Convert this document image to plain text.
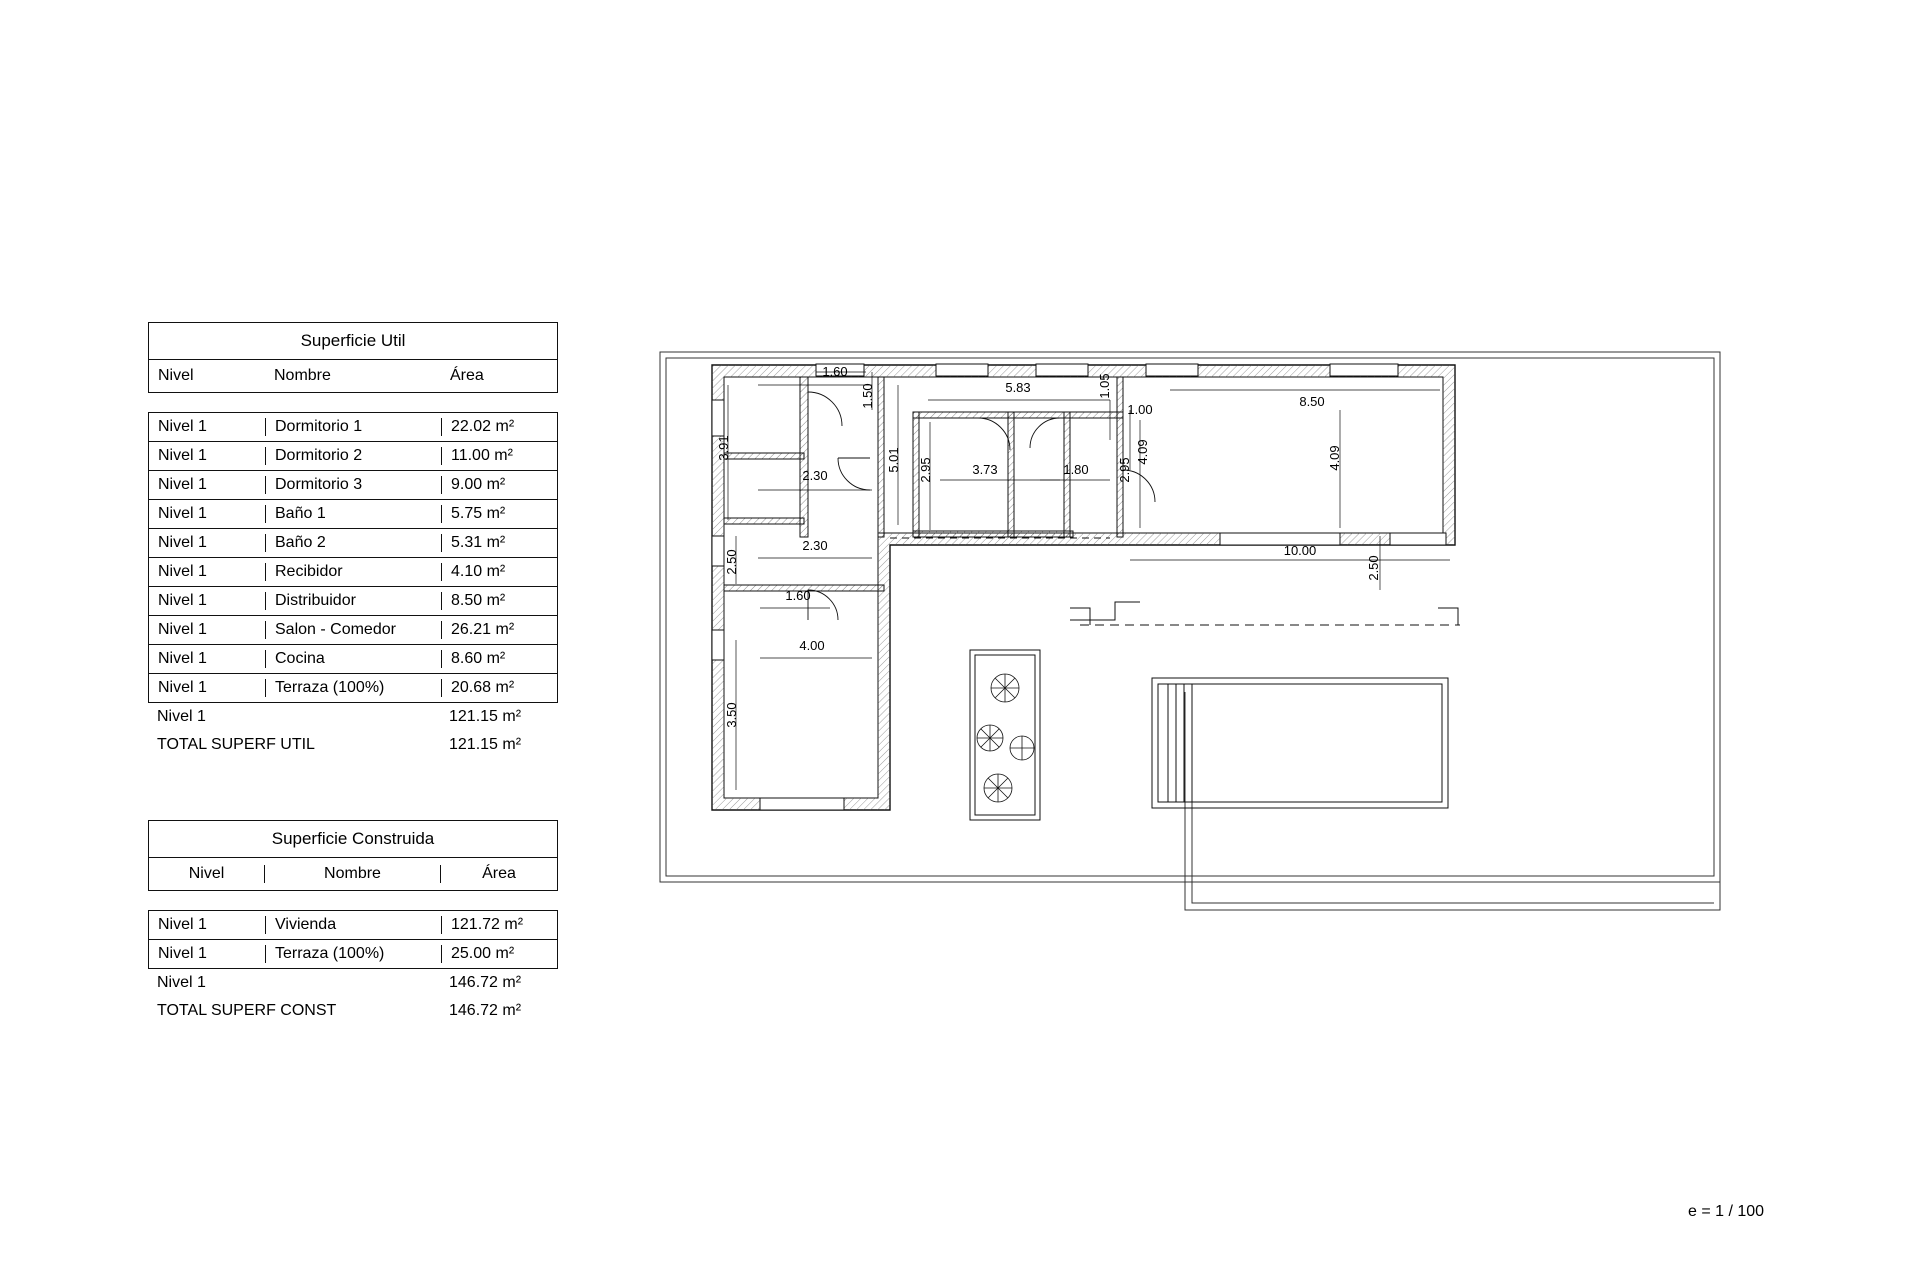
Superficie Util
Nivel	Nombre	Área
Nivel 1	Dormitorio 1	22.02 m²
Nivel 1	Dormitorio 2	11.00 m²
Nivel 1	Dormitorio 3	9.00 m²
Nivel 1	Baño 1	5.75 m²
Nivel 1	Baño 2	5.31 m²
Nivel 1	Recibidor	4.10 m²
Nivel 1	Distribuidor	8.50 m²
Nivel 1	Salon - Comedor	26.21 m²
Nivel 1	Cocina	8.60 m²
Nivel 1	Terraza (100%)	20.68 m²
Nivel 1	121.15 m²
TOTAL SUPERF UTIL	121.15 m²
Superficie Construida
Nivel	Nombre	Área
Nivel 1	Vivienda	121.72 m²
Nivel 1	Terraza (100%)	25.00 m²
Nivel 1	146.72 m²
TOTAL SUPERF CONST	146.72 m²
3.91
2.30
1.60
1.50
5.01
2.30
2.50
1.60
3.50
4.00
5.83	1.05
2.95	3.73	1.80 2.95
1.00
4.09
8.50
4.09
10.00
2.50
e = 1 / 100
